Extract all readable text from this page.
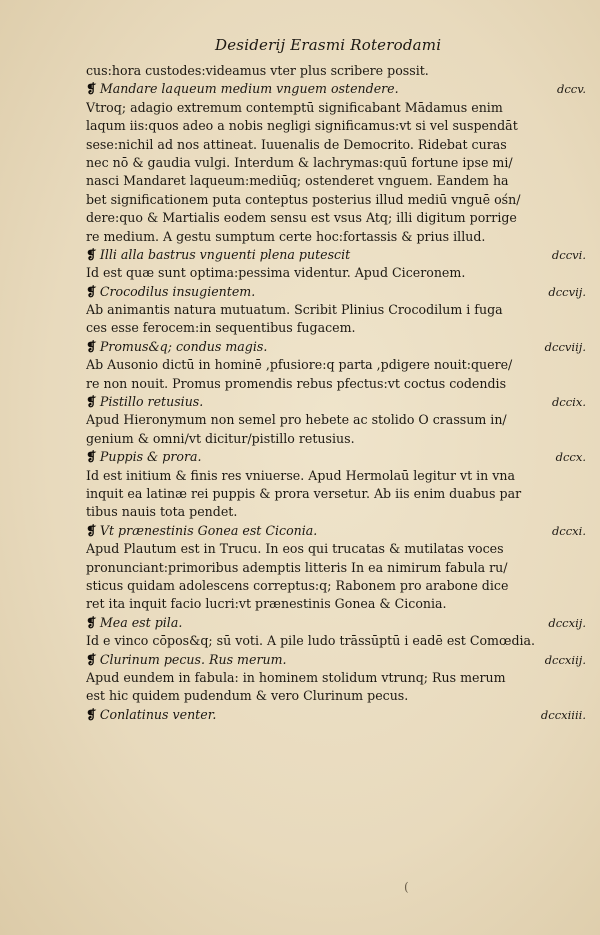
Desiderij Erasmi Roterodami
cus:hora custodes:videamus vter plus scribere possit.
❡ Mandare laqueum medium vnguem ostendere.	dccv.
Vtroq; adagio extremum contemptū significabant Mādamus enim
laqum iis:quos adeo a nobis negligi significamus:vt si vel suspendāt
sese:nichil ad nos attineat. Iuuenalis de Democrito. Ridebat curas
nec nō & gaudia vulgi. Interdum & lachrymas:quū fortune ipse mi/
nasci Mandaret laqueum:mediūq; ostenderet vnguem. Eandem ha
bet significationem puta conteptus posterius illud mediū vnguē ośn/
dere:quo & Martialis eodem sensu est vsus Atq; illi digitum porrige
re medium. A gestu sumptum certe hoc:fortassis & prius illud.
❡ Illi alla bastrus vnguenti plena putescit	dccvi.
Id est quæ sunt optima:pessima videntur. Apud Ciceronem.
❡ Crocodilus insugientem.	dccvij.
Ab animantis natura mutuatum. Scribit Plinius Crocodilum i fuga
ces esse ferocem:in sequentibus fugacem.
❡ Promus&q; condus magis.	dccviij.
Ab Ausonio dictū in hominē ,pfusiore:q parta ,pdigere nouit:quere/
re non nouit. Promus promendis rebus pfectus:vt coctus codendis
❡ Pistillo retusius.	dccix.
Apud Hieronymum non semel pro hebete ac stolido O crassum in/
genium & omni/vt dicitur/pistillo retusius.
❡ Puppis & prora.	dccx.
Id est initium & finis res vniuerse. Apud Hermolaū legitur vt in vna
inquit ea latinæ rei puppis & prora versetur. Ab iis enim duabus par
tibus nauis tota pendet.
❡ Vt prænestinis Gonea est Ciconia.	dccxi.
Apud Plautum est in Trucu. In eos qui trucatas & mutilatas voces
pronunciant:primoribus ademptis litteris In ea nimirum fabula ru/
sticus quidam adolescens correptus:q; Rabonem pro arabone dice
ret ita inquit facio lucri:vt prænestinis Gonea & Ciconia.
❡ Mea est pila.	dccxij.
Id e vinco cōpos&q; sū voti. A pile ludo trāssūptū i eadē est Comœdia.
❡ Clurinum pecus. Rus merum.	dccxiij.
Apud eundem in fabula: in hominem stolidum vtrunq; Rus merum
est hic quidem pudendum & vero Clurinum pecus.
❡ Conlatinus venter.	dccxiiii.
(
